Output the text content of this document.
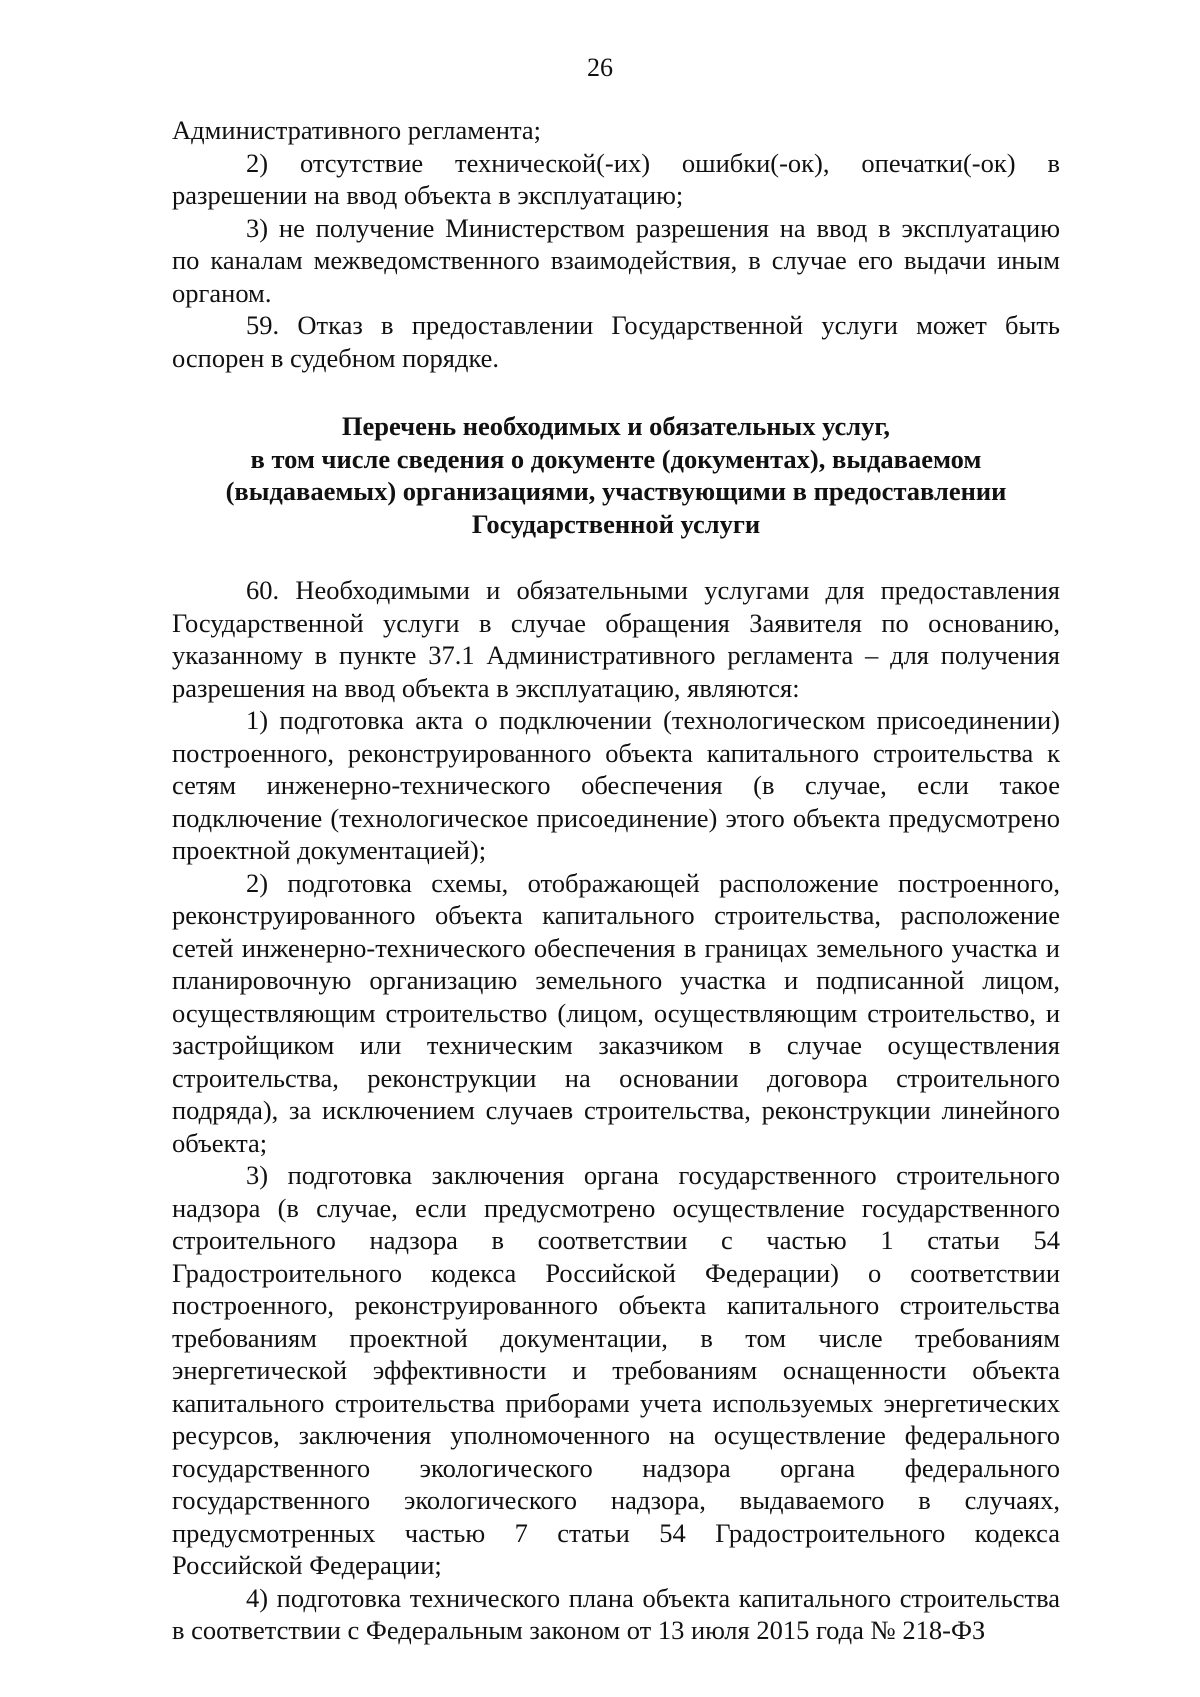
26

Административного регламента;

2) отсутствие технической(-их) ошибки(-ок), опечатки(-ок) в разрешении на ввод объекта в эксплуатацию;

3) не получение Министерством разрешения на ввод в эксплуатацию по каналам межведомственного взаимодействия, в случае его выдачи иным органом.

59. Отказ в предоставлении Государственной услуги может быть оспорен в судебном порядке.

Перечень необходимых и обязательных услуг,
в том числе сведения о документе (документах), выдаваемом
(выдаваемых) организациями, участвующими в предоставлении
Государственной услуги

60. Необходимыми и обязательными услугами для предоставления Государственной услуги в случае обращения Заявителя по основанию, указанному в пункте 37.1 Административного регламента – для получения разрешения на ввод объекта в эксплуатацию, являются:

1) подготовка акта о подключении (технологическом присоединении) построенного, реконструированного объекта капитального строительства к сетям инженерно-технического обеспечения (в случае, если такое подключение (технологическое присоединение) этого объекта предусмотрено проектной документацией);

2) подготовка схемы, отображающей расположение построенного, реконструированного объекта капитального строительства, расположение сетей инженерно-технического обеспечения в границах земельного участка и планировочную организацию земельного участка и подписанной лицом, осуществляющим строительство (лицом, осуществляющим строительство, и застройщиком или техническим заказчиком в случае осуществления строительства, реконструкции на основании договора строительного подряда), за исключением случаев строительства, реконструкции линейного объекта;

3) подготовка заключения органа государственного строительного надзора (в случае, если предусмотрено осуществление государственного строительного надзора в соответствии с частью 1 статьи 54 Градостроительного кодекса Российской Федерации) о соответствии построенного, реконструированного объекта капитального строительства требованиям проектной документации, в том числе требованиям энергетической эффективности и требованиям оснащенности объекта капитального строительства приборами учета используемых энергетических ресурсов, заключения уполномоченного на осуществление федерального государственного экологического надзора органа федерального государственного экологического надзора, выдаваемого в случаях, предусмотренных частью 7 статьи 54 Градостроительного кодекса Российской Федерации;

4) подготовка технического плана объекта капитального строительства в соответствии с Федеральным законом от 13 июля 2015 года № 218-ФЗ
